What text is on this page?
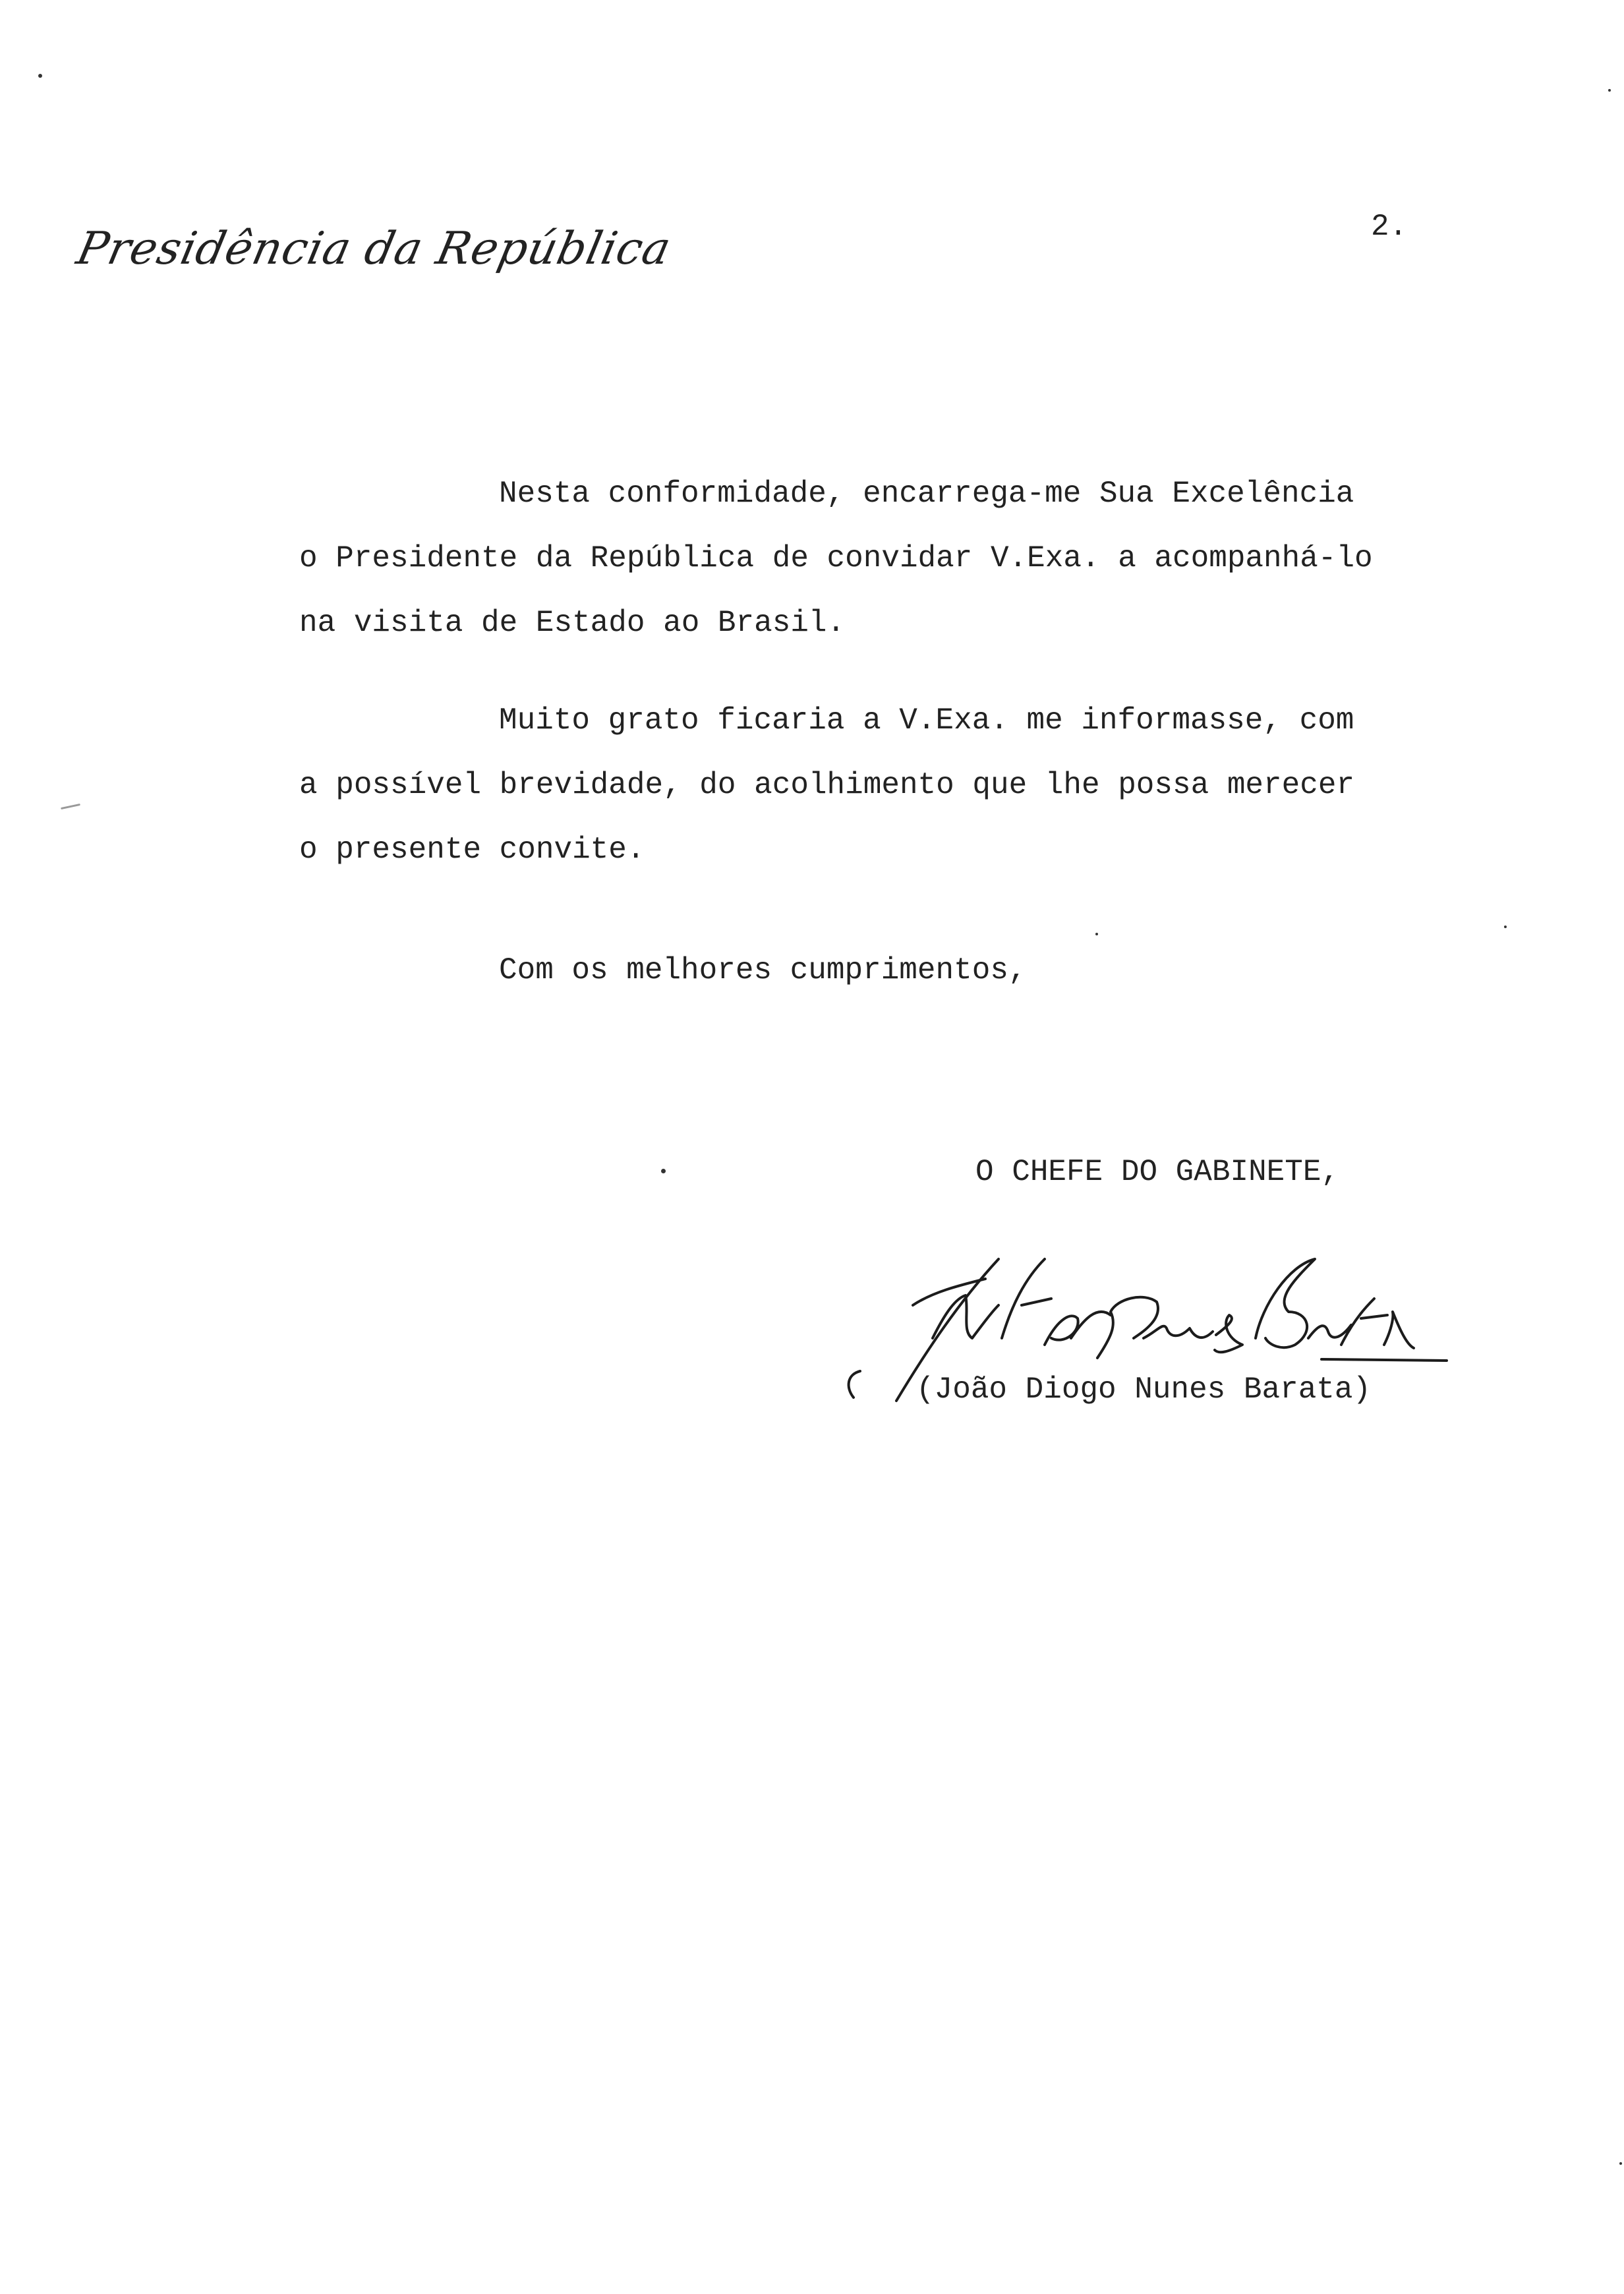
Presidência da República	2.
Nesta conformidade, encarrega-me Sua Excelência
o Presidente da República de convidar V.Exa. a acompanhá-lo
na visita de Estado ao Brasil.
Muito grato ficaria a V.Exa. me informasse, com
a possível brevidade, do acolhimento que lhe possa merecer
o presente convite.
Com os melhores cumprimentos,
O CHEFE DO GABINETE,
(João Diogo Nunes Barata)
